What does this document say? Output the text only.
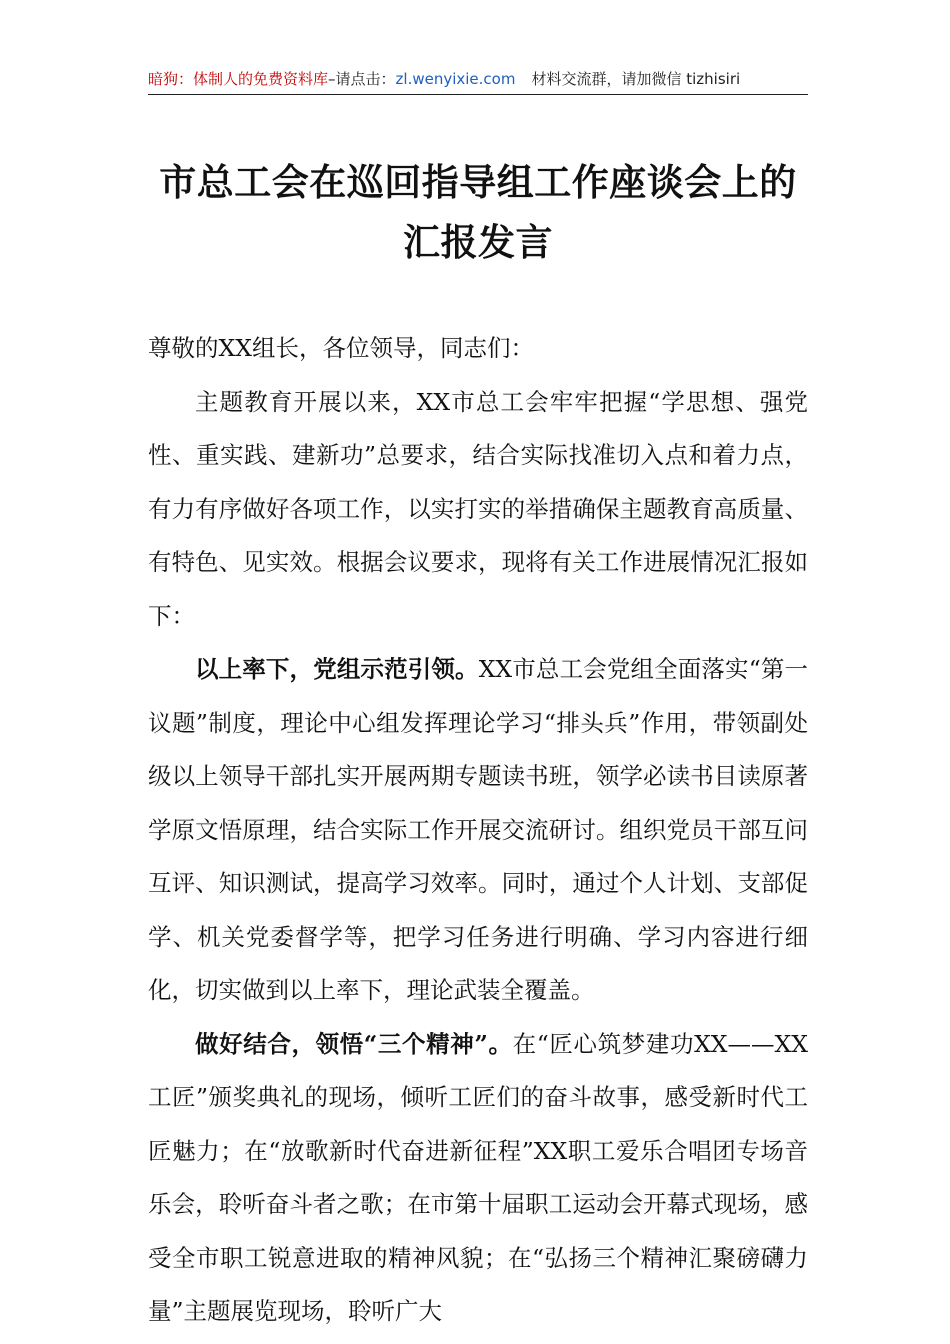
暗狗：体制人的免费资料库–请点击：zl.wenyixie.com 材料交流群，请加微信 tizhisiri
市总工会在巡回指导组工作座谈会上的汇报发言

尊敬的XX组长，各位领导，同志们：

主题教育开展以来，XX市总工会牢牢把握“学思想、强党性、重实践、建新功”总要求，结合实际找准切入点和着力点，有力有序做好各项工作，以实打实的举措确保主题教育高质量、有特色、见实效。根据会议要求，现将有关工作进展情况汇报如下：

以上率下，党组示范引领。XX市总工会党组全面落实“第一议题”制度，理论中心组发挥理论学习“排头兵”作用，带领副处级以上领导干部扎实开展两期专题读书班，领学必读书目读原著学原文悟原理，结合实际工作开展交流研讨。组织党员干部互问互评、知识测试，提高学习效率。同时，通过个人计划、支部促学、机关党委督学等，把学习任务进行明确、学习内容进行细化，切实做到以上率下，理论武装全覆盖。

做好结合，领悟“三个精神”。在“匠心筑梦建功XX——XX工匠”颁奖典礼的现场，倾听工匠们的奋斗故事，感受新时代工匠魅力；在“放歌新时代奋进新征程”XX职工爱乐合唱团专场音乐会，聆听奋斗者之歌；在市第十届职工运动会开幕式现场，感受全市职工锐意进取的精神风貌；在“弘扬三个精神汇聚磅礴力量”主题展览现场，聆听广大
